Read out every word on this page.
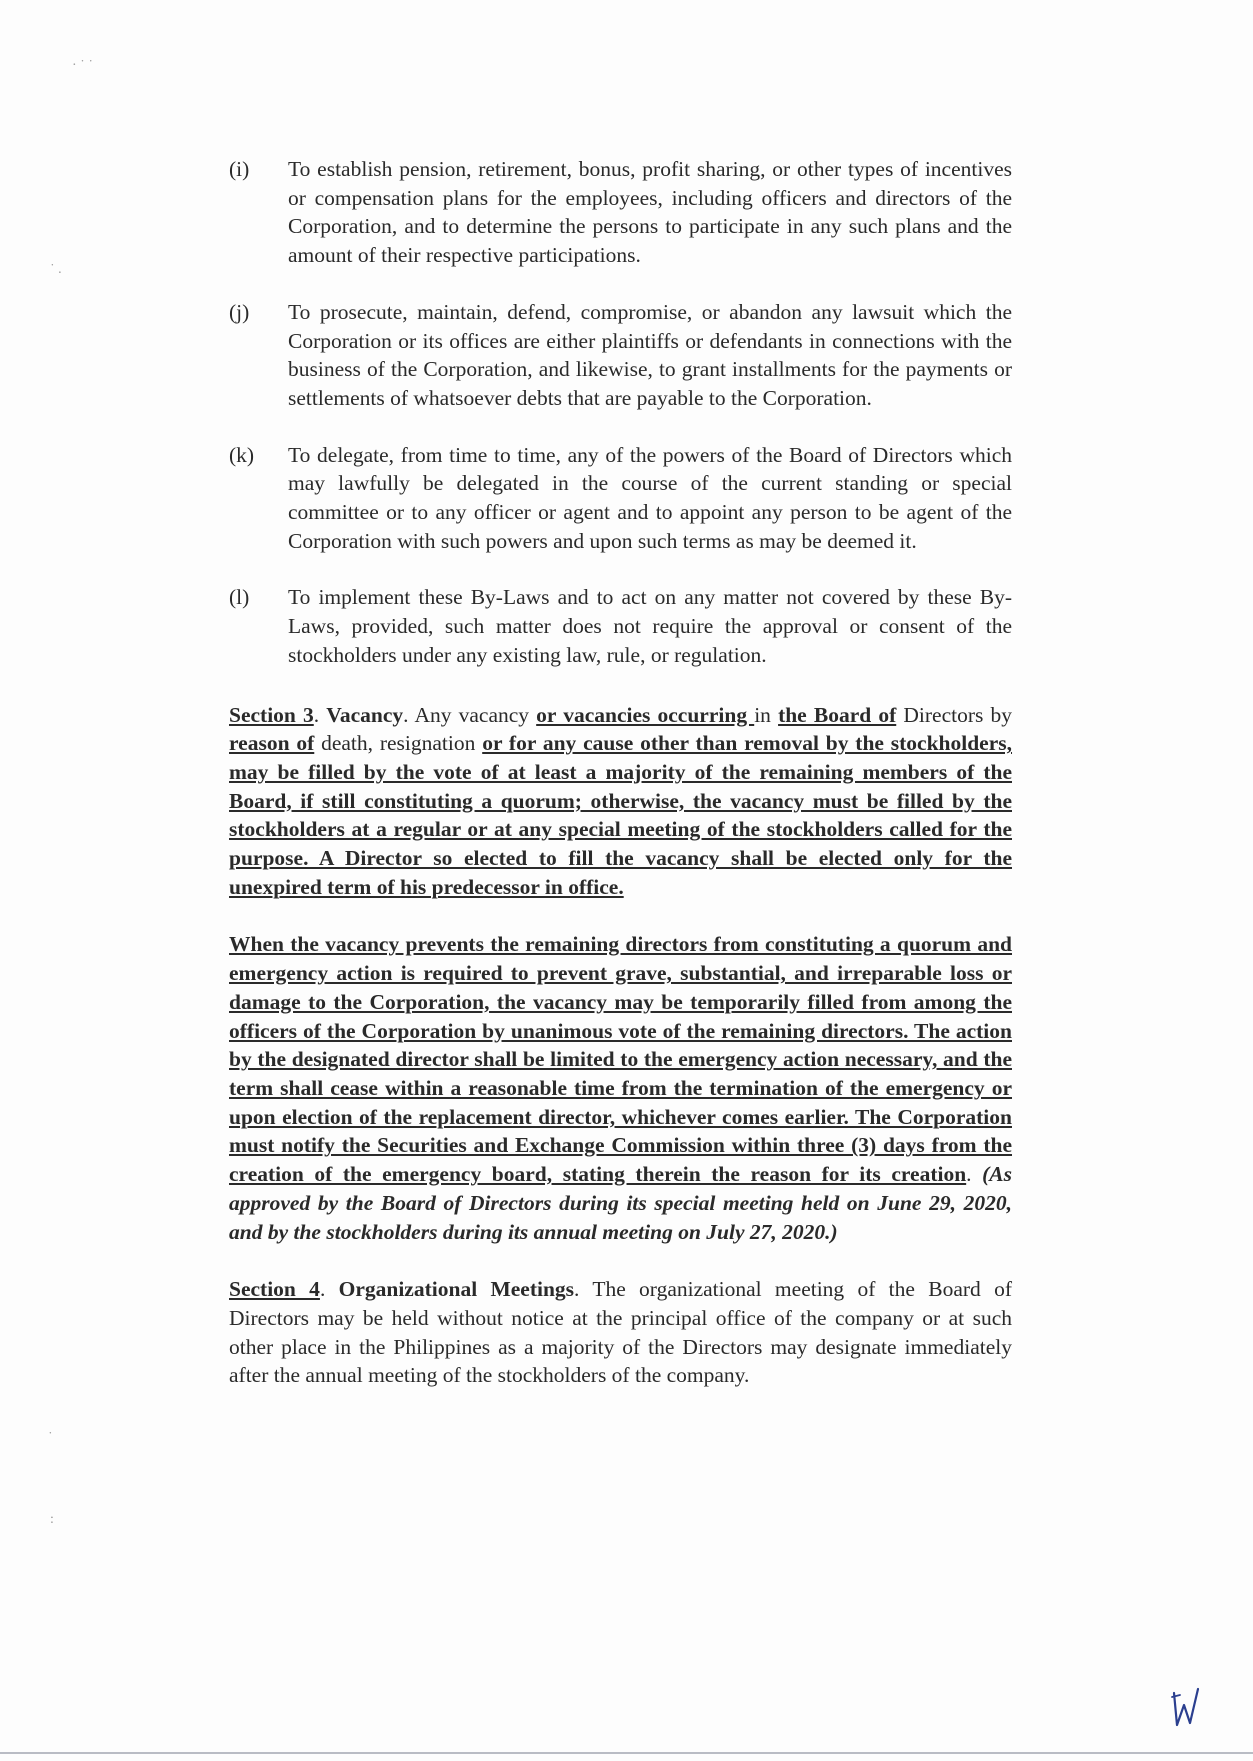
· ˙ ˙
˙ .
˙
:
(i)	To establish pension, retirement, bonus, profit sharing, or other types of incentives or compensation plans for the employees, including officers and directors of the Corporation, and to determine the persons to participate in any such plans and the amount of their respective participations.
(j)	To prosecute, maintain, defend, compromise, or abandon any lawsuit which the Corporation or its offices are either plaintiffs or defendants in connections with the business of the Corporation, and likewise, to grant installments for the payments or settlements of whatsoever debts that are payable to the Corporation.
(k)	To delegate, from time to time, any of the powers of the Board of Directors which may lawfully be delegated in the course of the current standing or special committee or to any officer or agent and to appoint any person to be agent of the Corporation with such powers and upon such terms as may be deemed it.
(l)	To implement these By-Laws and to act on any matter not covered by these By-Laws, provided, such matter does not require the approval or consent of the stockholders under any existing law, rule, or regulation.
Section 3. Vacancy. Any vacancy or vacancies occurring in the Board of Directors by reason of death, resignation or for any cause other than removal by the stockholders, may be filled by the vote of at least a majority of the remaining members of the Board, if still constituting a quorum; otherwise, the vacancy must be filled by the stockholders at a regular or at any special meeting of the stockholders called for the purpose. A Director so elected to fill the vacancy shall be elected only for the unexpired term of his predecessor in office.
When the vacancy prevents the remaining directors from constituting a quorum and emergency action is required to prevent grave, substantial, and irreparable loss or damage to the Corporation, the vacancy may be temporarily filled from among the officers of the Corporation by unanimous vote of the remaining directors. The action by the designated director shall be limited to the emergency action necessary, and the term shall cease within a reasonable time from the termination of the emergency or upon election of the replacement director, whichever comes earlier. The Corporation must notify the Securities and Exchange Commission within three (3) days from the creation of the emergency board, stating therein the reason for its creation. (As approved by the Board of Directors during its special meeting held on June 29, 2020, and by the stockholders during its annual meeting on July 27, 2020.)
Section 4. Organizational Meetings. The organizational meeting of the Board of Directors may be held without notice at the principal office of the company or at such other place in the Philippines as a majority of the Directors may designate immediately after the annual meeting of the stockholders of the company.
